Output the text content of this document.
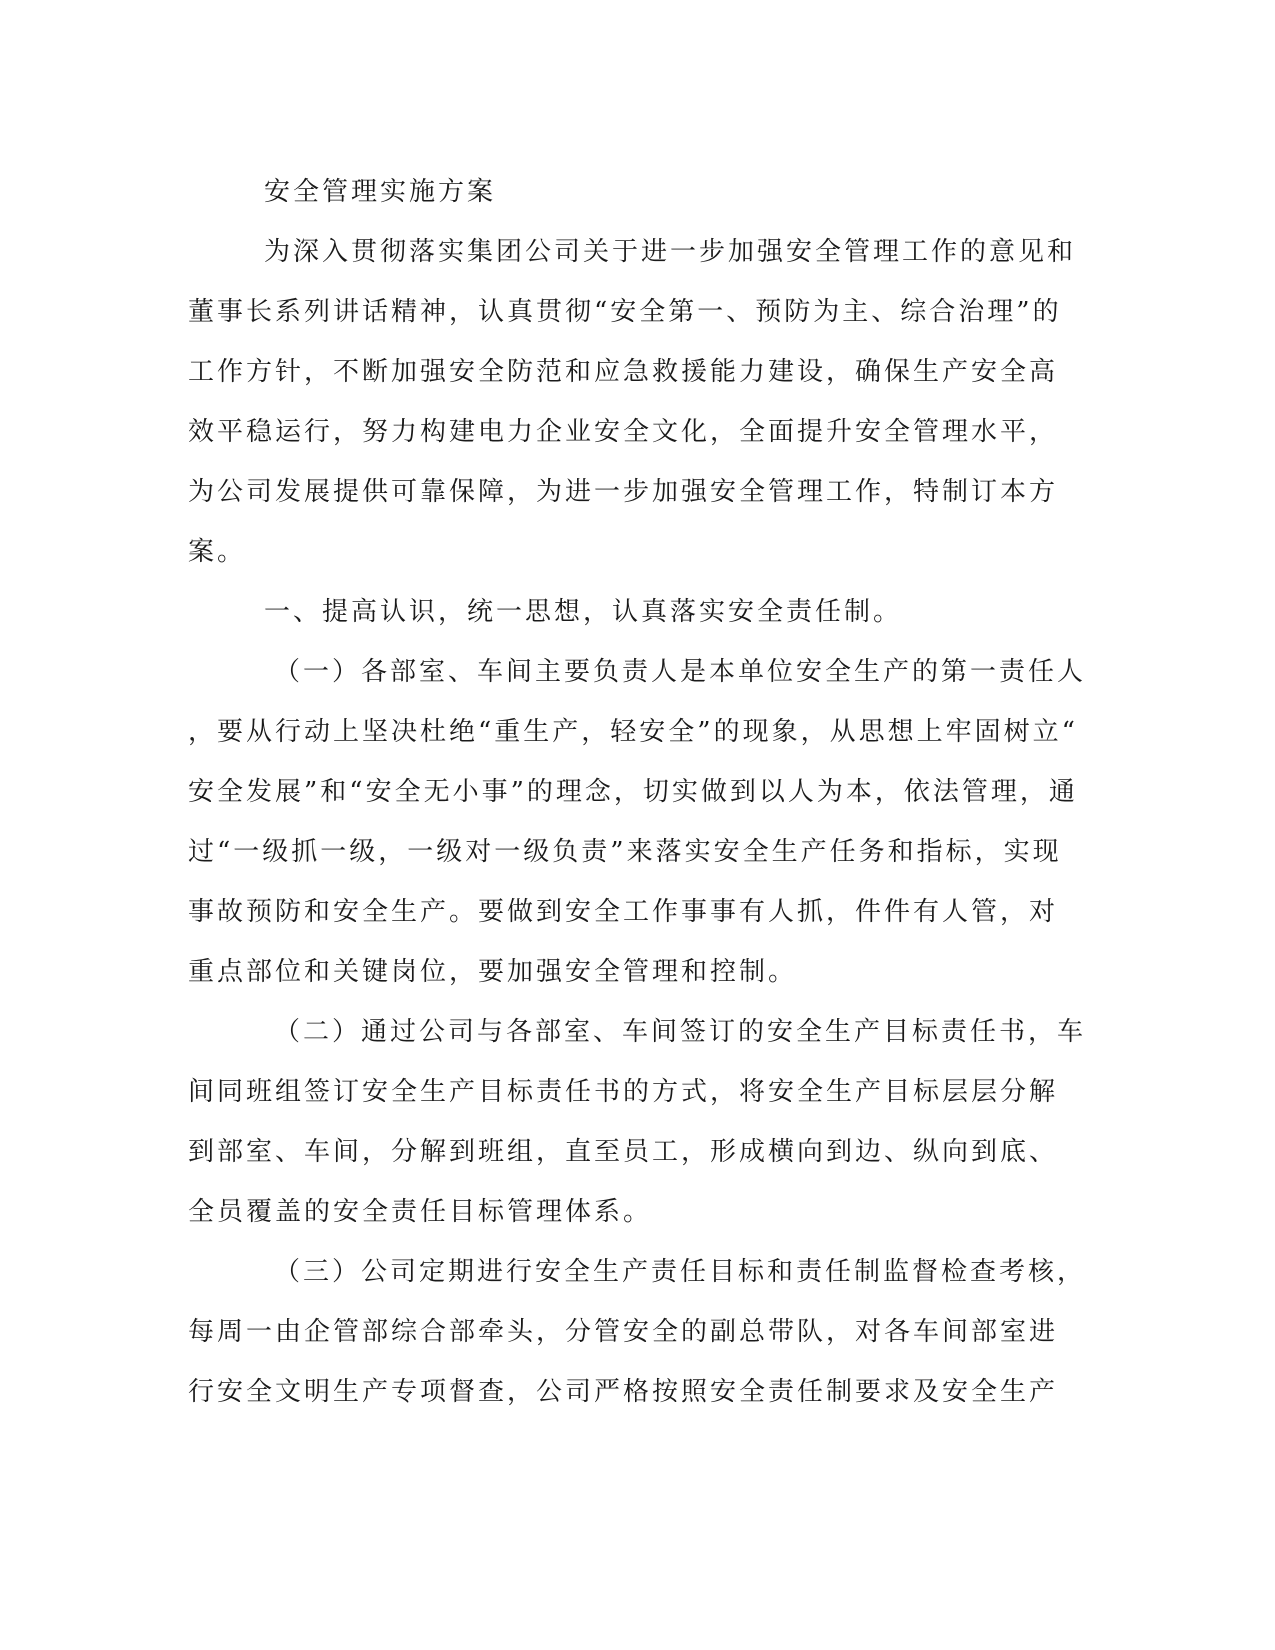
安全管理实施方案
为深入贯彻落实集团公司关于进一步加强安全管理工作的意见和
董事长系列讲话精神，认真贯彻“安全第一、预防为主、综合治理”的
工作方针，不断加强安全防范和应急救援能力建设，确保生产安全高
效平稳运行，努力构建电力企业安全文化，全面提升安全管理水平，
为公司发展提供可靠保障，为进一步加强安全管理工作，特制订本方
案。
一、提高认识，统一思想，认真落实安全责任制。
（一）各部室、车间主要负责人是本单位安全生产的第一责任人
，要从行动上坚决杜绝“重生产，轻安全”的现象，从思想上牢固树立“
安全发展”和“安全无小事”的理念，切实做到以人为本，依法管理，通
过“一级抓一级，一级对一级负责”来落实安全生产任务和指标，实现
事故预防和安全生产。要做到安全工作事事有人抓，件件有人管，对
重点部位和关键岗位，要加强安全管理和控制。
（二）通过公司与各部室、车间签订的安全生产目标责任书，车
间同班组签订安全生产目标责任书的方式，将安全生产目标层层分解
到部室、车间，分解到班组，直至员工，形成横向到边、纵向到底、
全员覆盖的安全责任目标管理体系。
（三）公司定期进行安全生产责任目标和责任制监督检查考核，
每周一由企管部综合部牵头，分管安全的副总带队，对各车间部室进
行安全文明生产专项督查，公司严格按照安全责任制要求及安全生产
